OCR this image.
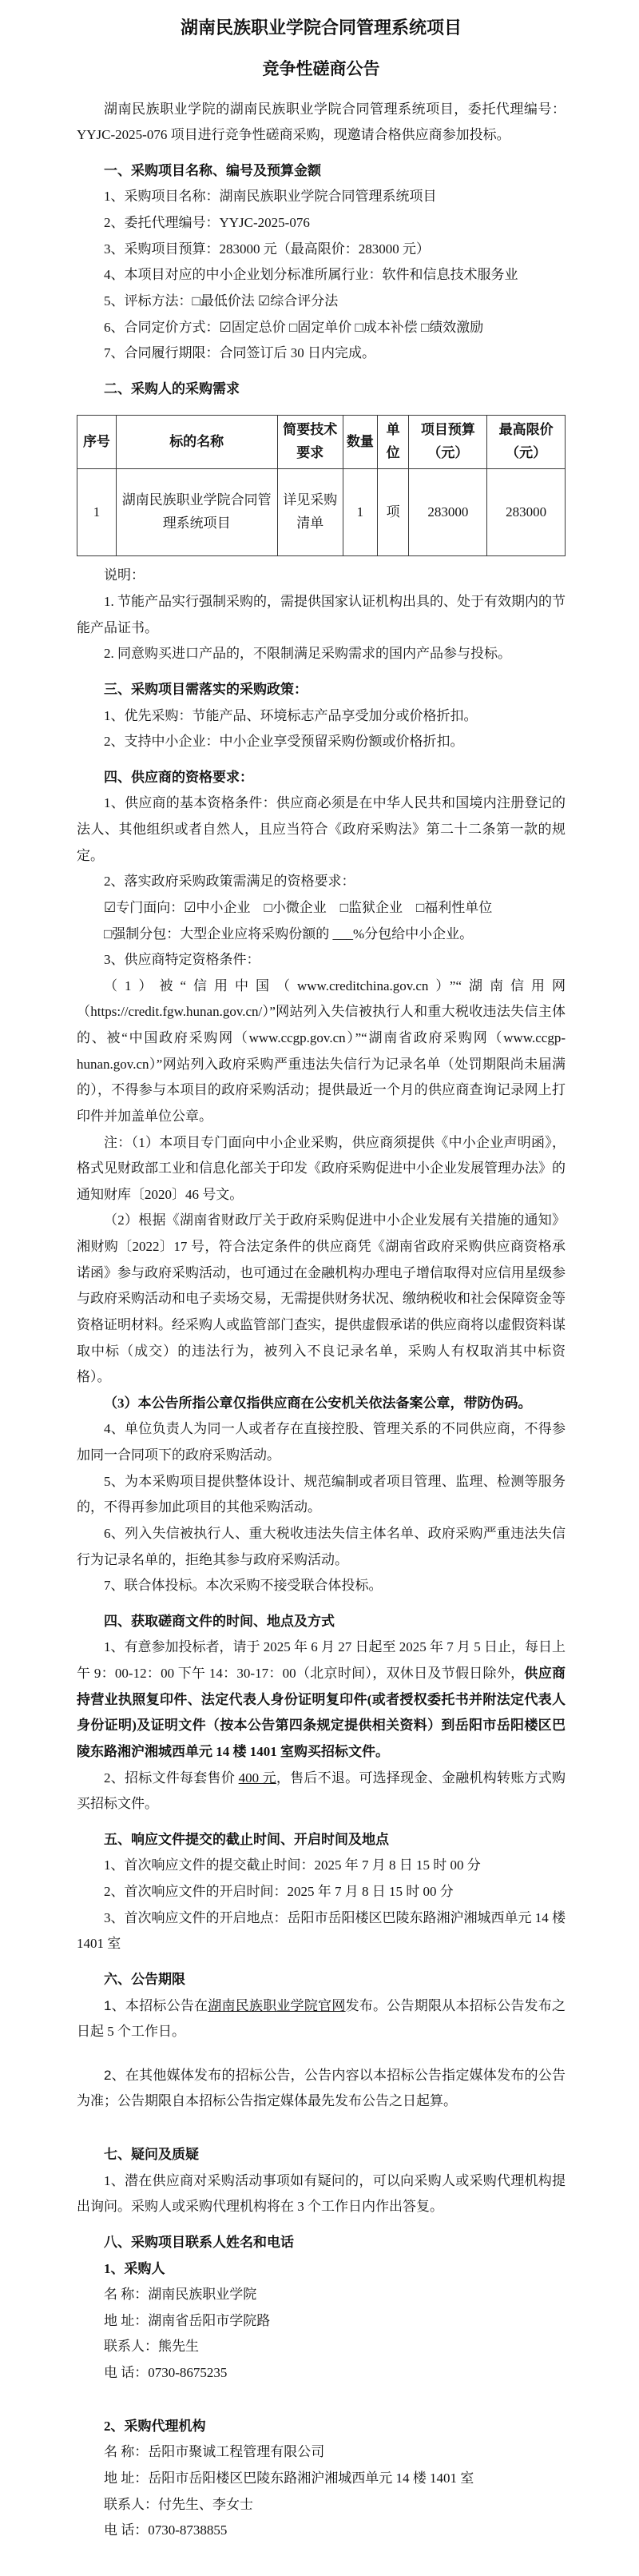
湖南民族职业学院合同管理系统项目
竞争性磋商公告

湖南民族职业学院的湖南民族职业学院合同管理系统项目，委托代理编号：YYJC-2025-076 项目进行竞争性磋商采购，现邀请合格供应商参加投标。

一、采购项目名称、编号及预算金额

1、采购项目名称：湖南民族职业学院合同管理系统项目

2、委托代理编号：YYJC-2025-076

3、采购项目预算：283000 元（最高限价：283000 元）

4、本项目对应的中小企业划分标准所属行业：软件和信息技术服务业

5、评标方法：□最低价法 ☑综合评分法

6、合同定价方式：☑固定总价 □固定单价 □成本补偿 □绩效激励

7、合同履行期限：合同签订后 30 日内完成。

二、采购人的采购需求

序号	标的名称	简要技术要求	数量	单位	项目预算（元）	最高限价（元）
1	湖南民族职业学院合同管理系统项目	详见采购清单	1	项	283000	283000

说明：

1. 节能产品实行强制采购的，需提供国家认证机构出具的、处于有效期内的节能产品证书。

2. 同意购买进口产品的，不限制满足采购需求的国内产品参与投标。

三、采购项目需落实的采购政策：

1、优先采购：节能产品、环境标志产品享受加分或价格折扣。

2、支持中小企业：中小企业享受预留采购份额或价格折扣。

四、供应商的资格要求：

1、供应商的基本资格条件：供应商必须是在中华人民共和国境内注册登记的法人、其他组织或者自然人，且应当符合《政府采购法》第二十二条第一款的规定。

2、落实政府采购政策需满足的资格要求：

☑专门面向：☑中小企业　□小微企业　□监狱企业　□福利性单位

□强制分包：大型企业应将采购份额的 ___%分包给中小企业。

3、供应商特定资格条件：

（1）被“信用中国（www.creditchina.gov.cn）”“湖南信用网（https://credit.fgw.hunan.gov.cn/）”网站列入失信被执行人和重大税收违法失信主体的、被“中国政府采购网（www.ccgp.gov.cn）”“湖南省政府采购网（www.ccgp-hunan.gov.cn）”网站列入政府采购严重违法失信行为记录名单（处罚期限尚未届满的），不得参与本项目的政府采购活动；提供最近一个月的供应商查询记录网上打印件并加盖单位公章。

注：（1）本项目专门面向中小企业采购，供应商须提供《中小企业声明函》，格式见财政部工业和信息化部关于印发《政府采购促进中小企业发展管理办法》的通知财库〔2020〕46 号文。

（2）根据《湖南省财政厅关于政府采购促进中小企业发展有关措施的通知》湘财购〔2022〕17 号，符合法定条件的供应商凭《湖南省政府采购供应商资格承诺函》参与政府采购活动，也可通过在金融机构办理电子增信取得对应信用星级参与政府采购活动和电子卖场交易，无需提供财务状况、缴纳税收和社会保障资金等资格证明材料。经采购人或监管部门查实，提供虚假承诺的供应商将以虚假资料谋取中标（成交）的违法行为，被列入不良记录名单，采购人有权取消其中标资格）。

（3）本公告所指公章仅指供应商在公安机关依法备案公章，带防伪码。

4、单位负责人为同一人或者存在直接控股、管理关系的不同供应商，不得参加同一合同项下的政府采购活动。

5、为本采购项目提供整体设计、规范编制或者项目管理、监理、检测等服务的，不得再参加此项目的其他采购活动。

6、列入失信被执行人、重大税收违法失信主体名单、政府采购严重违法失信行为记录名单的，拒绝其参与政府采购活动。

7、联合体投标。本次采购不接受联合体投标。

四、获取磋商文件的时间、地点及方式

1、有意参加投标者，请于 2025 年 6 月 27 日起至 2025 年 7 月 5 日止，每日上午 9：00-12：00 下午 14：30-17：00（北京时间），双休日及节假日除外，供应商持营业执照复印件、法定代表人身份证明复印件(或者授权委托书并附法定代表人身份证明)及证明文件（按本公告第四条规定提供相关资料）到岳阳市岳阳楼区巴陵东路湘沪湘城西单元 14 楼 1401 室购买招标文件。

2、招标文件每套售价 400 元，售后不退。可选择现金、金融机构转账方式购买招标文件。

五、响应文件提交的截止时间、开启时间及地点

1、首次响应文件的提交截止时间：2025 年 7 月 8 日 15 时 00 分

2、首次响应文件的开启时间：2025 年 7 月 8 日 15 时 00 分

3、首次响应文件的开启地点：岳阳市岳阳楼区巴陵东路湘沪湘城西单元 14 楼 1401 室

六、公告期限

1、本招标公告在湖南民族职业学院官网发布。公告期限从本招标公告发布之日起 5 个工作日。

2、在其他媒体发布的招标公告，公告内容以本招标公告指定媒体发布的公告为准；公告期限自本招标公告指定媒体最先发布公告之日起算。

七、疑问及质疑

1、潜在供应商对采购活动事项如有疑问的，可以向采购人或采购代理机构提出询问。采购人或采购代理机构将在 3 个工作日内作出答复。

八、采购项目联系人姓名和电话

1、采购人

名 称：湖南民族职业学院

地 址：湖南省岳阳市学院路

联系人：熊先生

电 话：0730-8675235

2、采购代理机构

名 称：岳阳市聚诚工程管理有限公司

地 址：岳阳市岳阳楼区巴陵东路湘沪湘城西单元 14 楼 1401 室

联系人：付先生、李女士

电 话：0730-8738855
